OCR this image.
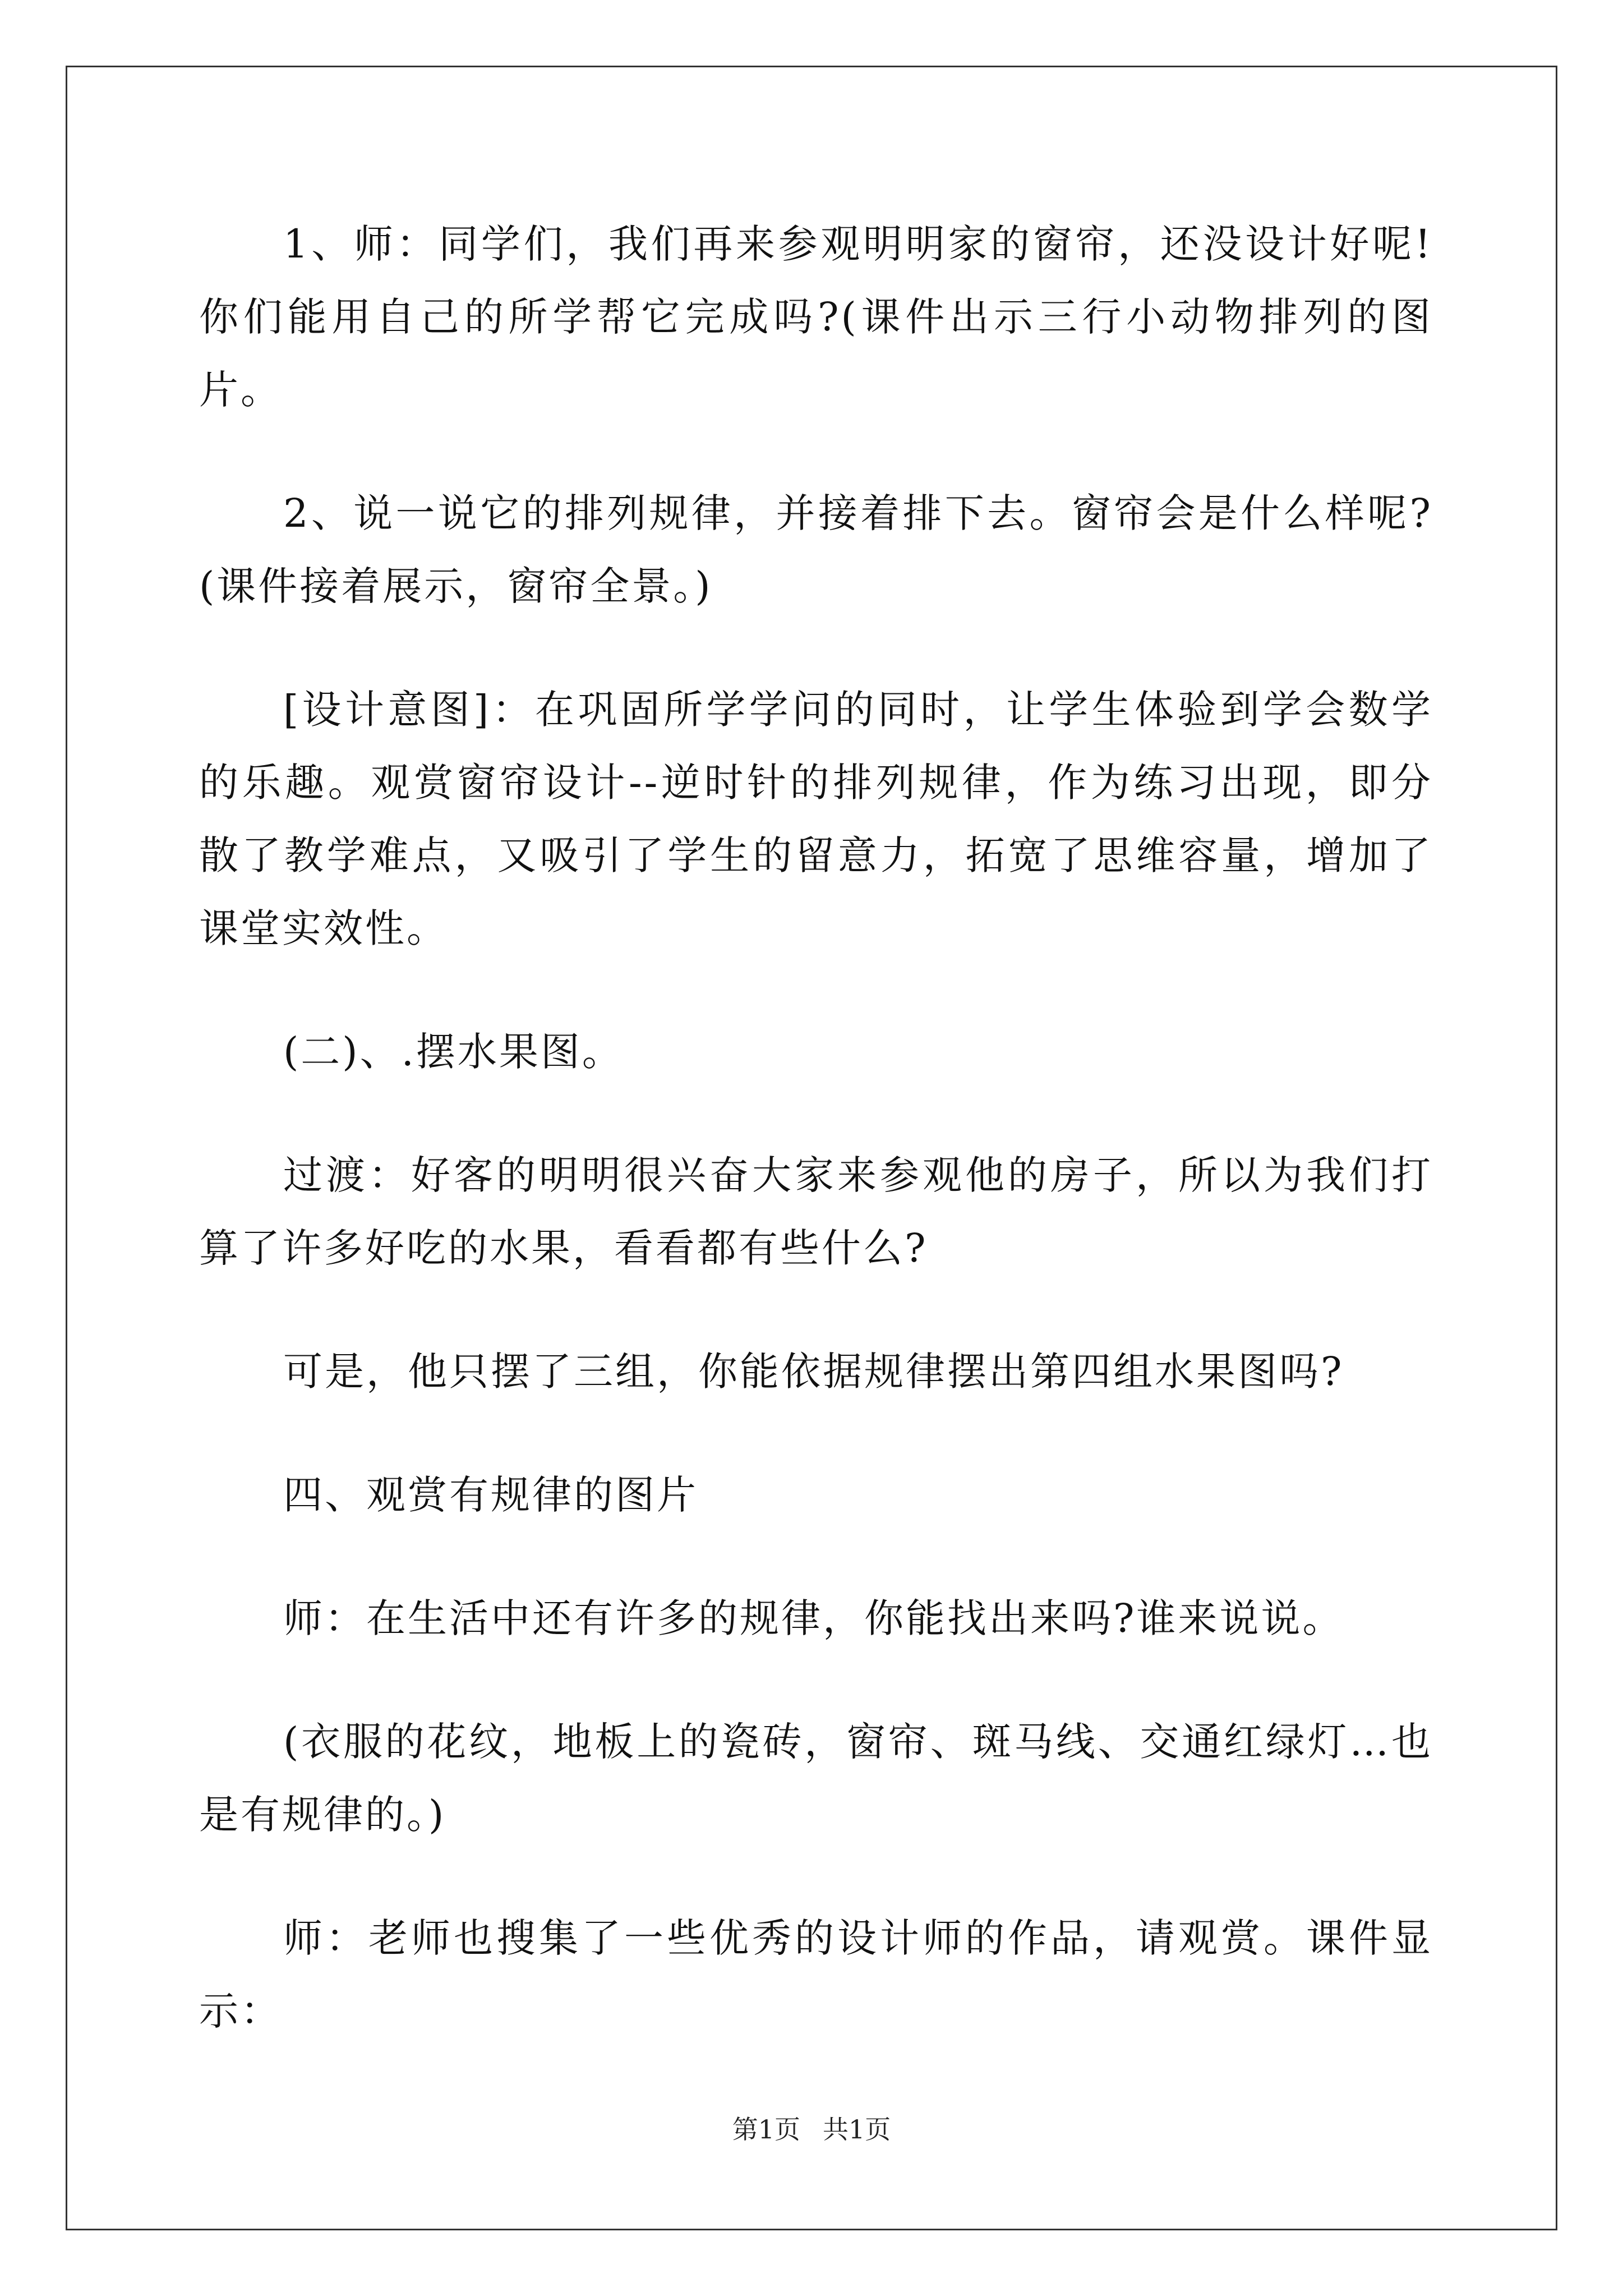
1、师：同学们，我们再来参观明明家的窗帘，还没设计好呢!你们能用自己的所学帮它完成吗?(课件出示三行小动物排列的图片。

2、说一说它的排列规律，并接着排下去。窗帘会是什么样呢?(课件接着展示，窗帘全景。)

[设计意图]：在巩固所学学问的同时，让学生体验到学会数学的乐趣。观赏窗帘设计--逆时针的排列规律，作为练习出现，即分散了教学难点，又吸引了学生的留意力，拓宽了思维容量，增加了课堂实效性。

(二)、.摆水果图。

过渡：好客的明明很兴奋大家来参观他的房子，所以为我们打算了许多好吃的水果，看看都有些什么?

可是，他只摆了三组，你能依据规律摆出第四组水果图吗?

四、观赏有规律的图片

师：在生活中还有许多的规律，你能找出来吗?谁来说说。

(衣服的花纹，地板上的瓷砖，窗帘、斑马线、交通红绿灯…也是有规律的。)

师：老师也搜集了一些优秀的设计师的作品，请观赏。课件显示：

第1页 共1页
